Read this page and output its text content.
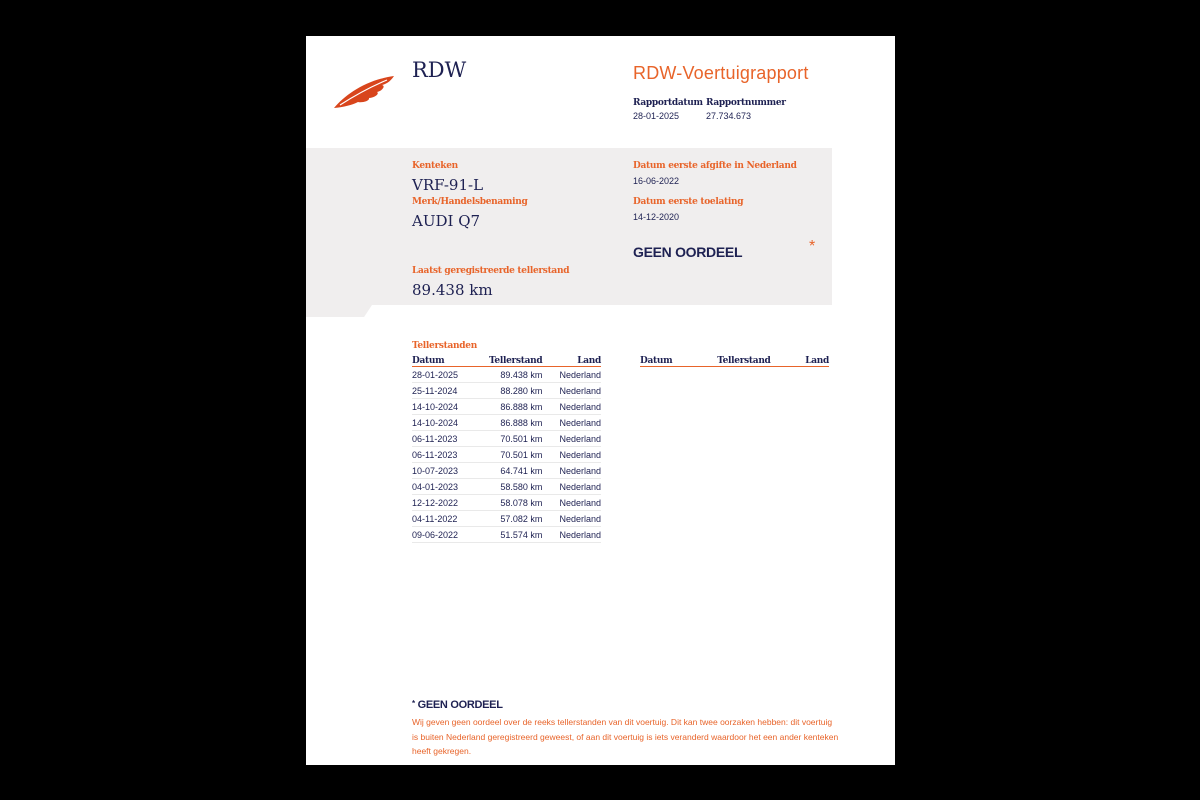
RDW	RDW-Voertuigrapport
Rapportdatum
28-01-2025
Rapportnummer
27.734.673
Kenteken
VRF-91-L
Merk/Handelsbenaming
AUDI Q7
Laatst geregistreerde tellerstand
89.438 km
Datum eerste afgifte in Nederland
16-06-2022
Datum eerste toelating
14-12-2020
GEEN OORDEEL	*
Tellerstanden
Datum	Tellerstand	Land
28-01-2025	89.438 km	Nederland
25-11-2024	88.280 km	Nederland
14-10-2024	86.888 km	Nederland
14-10-2024	86.888 km	Nederland
06-11-2023	70.501 km	Nederland
06-11-2023	70.501 km	Nederland
10-07-2023	64.741 km	Nederland
04-01-2023	58.580 km	Nederland
12-12-2022	58.078 km	Nederland
04-11-2022	57.082 km	Nederland
09-06-2022	51.574 km	Nederland
Datum	Tellerstand	Land
* GEEN OORDEEL
Wij geven geen oordeel over de reeks tellerstanden van dit voertuig. Dit kan twee oorzaken hebben: dit voertuig is buiten Nederland geregistreerd geweest, of aan dit voertuig is iets veranderd waardoor het een ander kenteken heeft gekregen.
